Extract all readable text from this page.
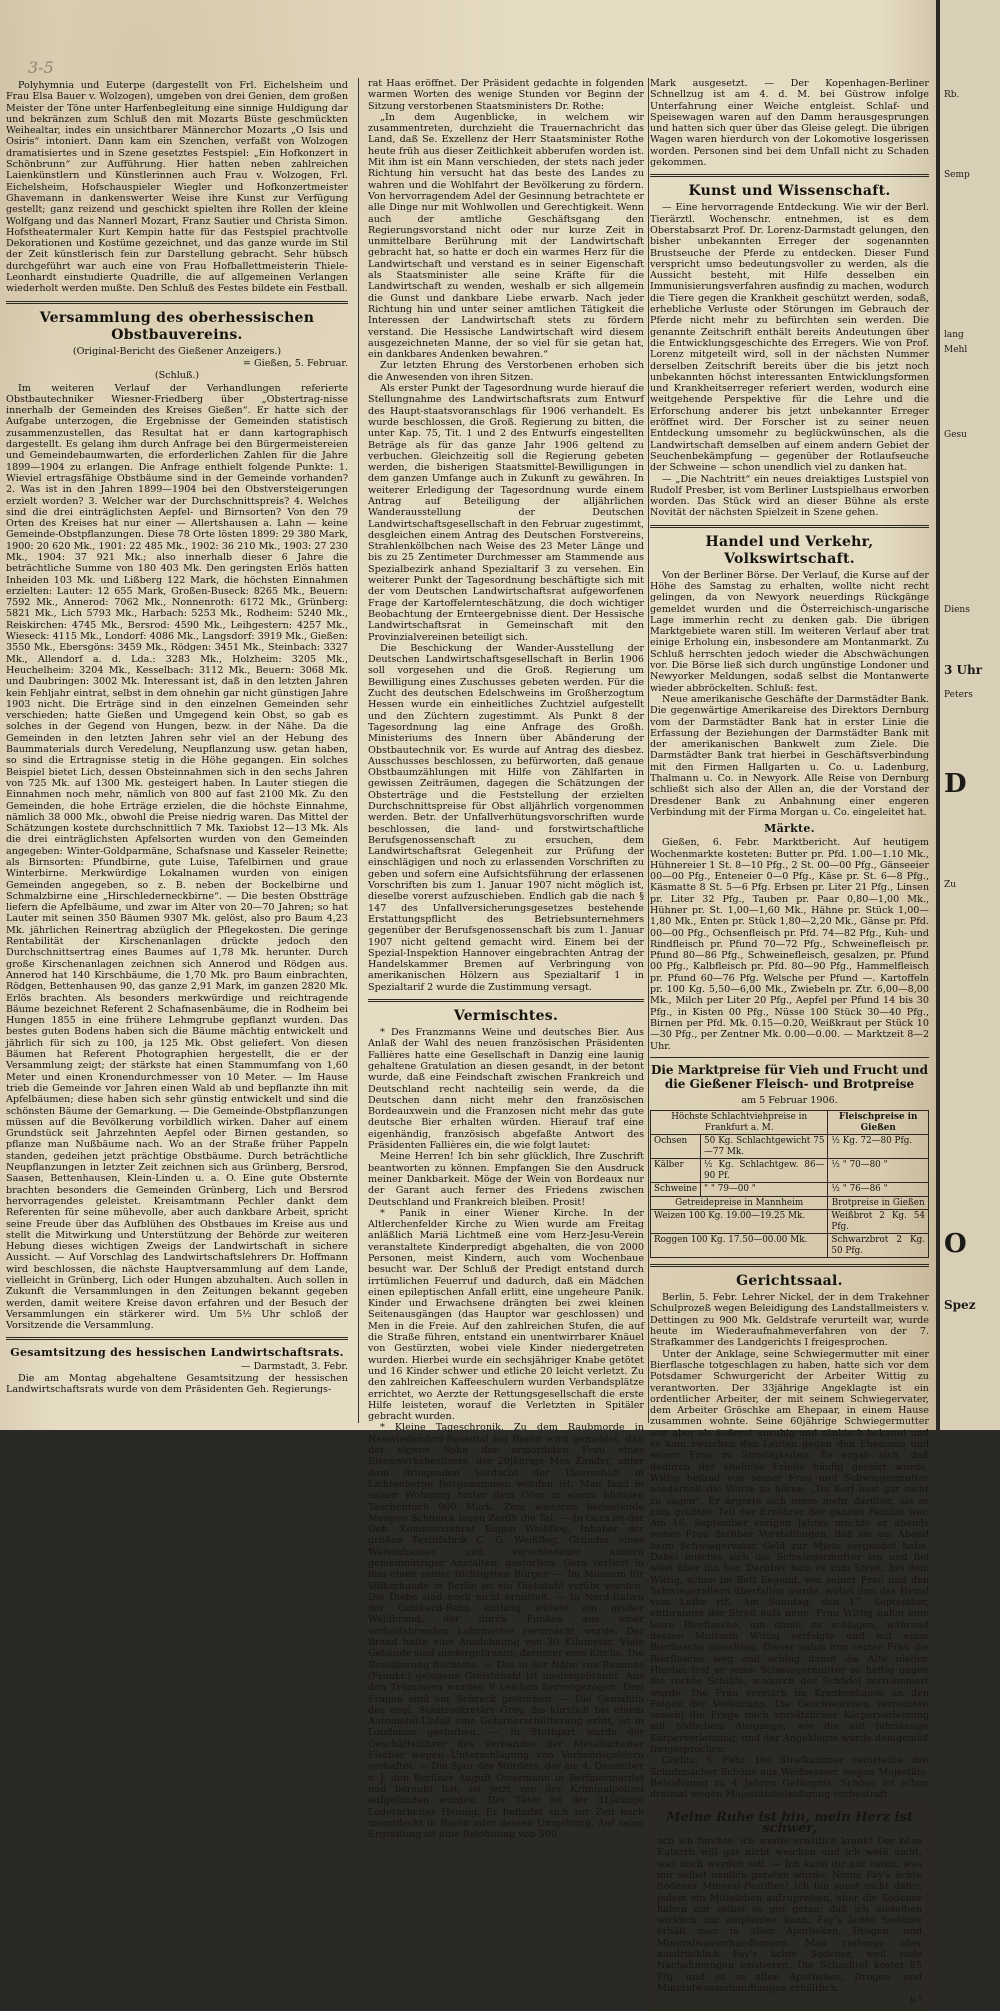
3-5

Polyhymnia und Euterpe (dargestellt von Frl. Eichelsheim und Frau Elsa Bauer v. Wolzogen), umgeben von drei Genien, dem großen Meister der Töne unter Harfenbegleitung eine sinnige Huldigung dar und bekränzen zum Schluß den mit Mozarts Büste geschmückten Weihealtar, indes ein unsichtbarer Männerchor Mozarts „O Isis und Osiris“ intoniert. Dann kam ein Szenchen, verfaßt von Wolzogen dramatisiertes und in Szene gesetztes Festspiel: „Ein Hofkonzert in Schönbrunn“ zur Aufführung. Hier hatten neben zahlreichen Laienkünstlern und Künstlerinnen auch Frau v. Wolzogen, Frl. Eichelsheim, Hofschauspieler Wiegler und Hofkonzertmeister Ghavemann in dankenswerter Weise ihre Kunst zur Verfügung gestellt; ganz reizend und geschickt spielten ihre Rollen der kleine Wolfgang und das Nannerl Mozart, Franz Sautier und Christa Simon. Hofstheatermaler Kurt Kempin hatte für das Festspiel prachtvolle Dekorationen und Kostüme gezeichnet, und das ganze wurde im Stil der Zeit künstlerisch fein zur Darstellung gebracht. Sehr hübsch durchgeführt war auch eine von Frau Hofballettmeisterin Thiele-Leonhardt einstudierte Quadrille, die auf allgemeinen Verlangen wiederholt werden mußte. Den Schluß des Festes bildete ein Festball.

Versammlung des oberhessischen Obstbauvereins.
(Original-Bericht des Gießener Anzeigers.)
= Gießen, 5. Februar.
(Schluß.)

Im weiteren Verlauf der Verhandlungen referierte Obstbautechniker Wiesner-Friedberg über „Obstertrag-nisse innerhalb der Gemeinden des Kreises Gießen“. Er hatte sich der Aufgabe unterzogen, die Ergebnisse der Gemeinden statistisch zusammenzustellen, das Resultat hat er dann kartographisch dargestellt. Es gelang ihm durch Anfrage bei den Bürgermeistereien und Gemeindebaumwarten, die erforderlichen Zahlen für die Jahre 1899—1904 zu erlangen. Die Anfrage enthielt folgende Punkte: 1. Wieviel ertragsfähige Obstbäume sind in der Gemeinde vorhanden? 2. Was ist in den Jahren 1899—1904 bei den Obstversteigerungen erzielt worden? 3. Welcher war der Durchschnittspreis? 4. Welches sind die drei einträglichsten Aepfel- und Birnsorten? Von den 79 Orten des Kreises hat nur einer — Allertshausen a. Lahn — keine Gemeinde-Obstpflanzungen. Diese 78 Orte lösten 1899: 29 380 Mark, 1900: 20 620 Mk., 1901: 22 485 Mk., 1902: 36 210 Mk., 1903: 27 230 Mk., 1904: 37 921 Mk.; also innerhalb dieser 6 Jahre die beträchtliche Summe von 180 403 Mk. Den geringsten Erlös hatten Inheiden 103 Mk. und Lißberg 122 Mark, die höchsten Einnahmen erzielten: Lauter: 12 655 Mark, Großen-Buseck: 8265 Mk., Beuern: 7592 Mk., Annerod: 7062 Mk., Nonnenroth: 6172 Mk., Grünberg: 5821 Mk., Lich 5793 Mk., Harbach: 5253 Mk., Rodheim: 5240 Mk., Reiskirchen: 4745 Mk., Bersrod: 4590 Mk., Leihgestern: 4257 Mk., Wieseck: 4115 Mk., Londorf: 4086 Mk., Langsdorf: 3919 Mk., Gießen: 3550 Mk., Ebersgöns: 3459 Mk., Rödgen: 3451 Mk., Steinbach: 3327 Mk., Allendorf a. d. Lda.: 3283 Mk., Holzheim: 3205 Mk., Heuchelheim: 3204 Mk., Kesselbach: 3112 Mk., Beuern: 3068 Mk. und Daubringen: 3002 Mk. Interessant ist, daß in den letzten Jahren kein Fehljahr eintrat, selbst in dem ohnehin gar nicht günstigen Jahre 1903 nicht. Die Erträge sind in den einzelnen Gemeinden sehr verschieden; hatte Gießen und Umgegend kein Obst, so gab es solches in der Gegend von Hungen, bezw. in der Nähe. Da die Gemeinden in den letzten Jahren sehr viel an der Hebung des Baummaterials durch Veredelung, Neupflanzung usw. getan haben, so sind die Ertragnisse stetig in die Höhe gegangen. Ein solches Beispiel bietet Lich, dessen Obsteinnahmen sich in den sechs Jahren von 725 Mk. auf 1300 Mk. gesteigert haben. In Lauter stiegen die Einnahmen noch mehr, nämlich von 800 auf fast 2100 Mk. Zu den Gemeinden, die hohe Erträge erzielen, die die höchste Einnahme, nämlich 38 000 Mk., obwohl die Preise niedrig waren. Das Mittel der Schätzungen kostete durchschnittlich 7 Mk. Taxiobst 12—13 Mk. Als die drei einträglichsten Apfelsorten wurden von den Gemeinden angegeben: Winter-Goldparmäne, Schafsnase und Kasseler Reinette; als Birnsorten: Pfundbirne, gute Luise, Tafelbirnen und graue Winterbirne. Merkwürdige Lokalnamen wurden von einigen Gemeinden angegeben, so z. B. neben der Bockelbirne und Schmalzbirne eine „Hirschlederneckbirne“. — Die besten Obstträge liefern die Apfelbäume, und zwar im Alter von 20—70 Jahren; so hat Lauter mit seinen 350 Bäumen 9307 Mk. gelöst, also pro Baum 4,23 Mk. jährlichen Reinertrag abzüglich der Pflegekosten. Die geringe Rentabilität der Kirschenanlagen drückte jedoch den Durchschnittsertrag eines Baumes auf 1,78 Mk. herunter. Durch große Kirschenanlagen zeichnen sich Annerod und Rödgen aus. Annerod hat 140 Kirschbäume, die 1,70 Mk. pro Baum einbrachten, Rödgen, Bettenhausen 90, das ganze 2,91 Mark, im ganzen 2820 Mk. Erlös brachten. Als besonders merkwürdige und reichtragende Bäume bezeichnet Referent 2 Schafnasenbäume, die in Rodheim bei Hungen 1855 in eine frühere Lehmgrube gepflanzt wurden. Das bestes guten Bodens haben sich die Bäume mächtig entwickelt und jährlich für sich zu 100, ja 125 Mk. Obst geliefert. Von diesen Bäumen hat Referent Photographien hergestellt, die er der Versammlung zeigt; der stärkste hat einen Stammumfang von 1,60 Meter und einen Kronendurchmesser von 10 Meter. — Im Hause trieb die Gemeinde vor Jahren einen Wald ab und bepflanzte ihn mit Apfelbäumen; diese haben sich sehr günstig entwickelt und sind die schönsten Bäume der Gemarkung. — Die Gemeinde-Obstpflanzungen müssen auf die Bevölkerung vorbildlich wirken. Daher auf einem Grundstück seit Jahrzehnten Aepfel oder Birnen gestanden, so pflanze man Nußbäume nach. Wo an der Straße früher Pappeln standen, gedeihen jetzt prächtige Obstbäume. Durch beträchtliche Neupflanzungen in letzter Zeit zeichnen sich aus Grünberg, Bersrod, Saasen, Bettenhausen, Klein-Linden u. a. O. Eine gute Obsternte brachten besonders die Gemeinden Grünberg, Lich und Bersrod hervorragendes geleistet. Kreisamtmann Pechler dankt dem Referenten für seine mühevolle, aber auch dankbare Arbeit, spricht seine Freude über das Aufblühen des Obstbaues im Kreise aus und stellt die Mitwirkung und Unterstützung der Behörde zur weiteren Hebung dieses wichtigen Zweigs der Landwirtschaft in sichere Aussicht. — Auf Vorschlag des Landwirtschaftslehrers Dr. Hoffmann wird beschlossen, die nächste Hauptversammlung auf dem Lande, vielleicht in Grünberg, Lich oder Hungen abzuhalten. Auch sollen in Zukunft die Versammlungen in den Zeitungen bekannt gegeben werden, damit weitere Kreise davon erfahren und der Besuch der Versammlungen ein stärkerer wird. Um 5½ Uhr schloß der Vorsitzende die Versammlung.

Gesamtsitzung des hessischen Landwirtschaftsrats.
— Darmstadt, 3. Febr.

Die am Montag abgehaltene Gesamtsitzung der hessischen Landwirtschaftsrats wurde von dem Präsidenten Geh. Regierungs-

rat Haas eröffnet. Der Präsident gedachte in folgenden warmen Worten des wenige Stunden vor Beginn der Sitzung verstorbenen Staatsministers Dr. Rothe:

„In dem Augenblicke, in welchem wir zusammentreten, durchzieht die Trauernachricht das Land, daß Se. Exzellenz der Herr Staatsminister Rothe heute früh aus dieser Zeitlichkeit abberufen worden ist. Mit ihm ist ein Mann verschieden, der stets nach jeder Richtung hin versucht hat das beste des Landes zu wahren und die Wohlfahrt der Bevölkerung zu fördern. Von hervorragendem Adel der Gesinnung betrachtete er alle Dinge nur mit Wohlwollen und Gerechtigkeit. Wenn auch der amtliche Geschäftsgang den Regierungsvorstand nicht oder nur kurze Zeit in unmittelbare Berührung mit der Landwirtschaft gebracht hat, so hatte er doch ein warmes Herz für die Landwirtschaft und verstand es in seiner Eigenschaft als Staatsminister alle seine Kräfte für die Landwirtschaft zu wenden, weshalb er sich allgemein die Gunst und dankbare Liebe erwarb. Nach jeder Richtung hin und unter seiner amtlichen Tätigkeit die Interessen der Landwirtschaft stets zu fördern verstand. Die Hessische Landwirtschaft wird diesem ausgezeichneten Manne, der so viel für sie getan hat, ein dankbares Andenken bewahren.“

Zur letzten Ehrung des Verstorbenen erhoben sich die Anwesenden von ihren Sitzen.

Als erster Punkt der Tagesordnung wurde hierauf die Stellungnahme des Landwirtschaftsrats zum Entwurf des Haupt-staatsvoranschlags für 1906 verhandelt. Es wurde beschlossen, die Groß. Regierung zu bitten, die unter Kap. 75, Tit. 1 und 2 des Entwurfs eingestellten Beträge als für das ganze Jahr 1906 geltend zu verbuchen. Gleichzeitig soll die Regierung gebeten werden, die bisherigen Staatsmittel-Bewilligungen in dem ganzen Umfange auch in Zukunft zu gewähren. In weiterer Erledigung der Tagesordnung wurde einem Antrag auf Beteiligung der alljährlichen Wanderausstellung der Deutschen Landwirtschaftsgesellschaft in den Februar zugestimmt, desgleichen einem Antrag des Deutschen Forstvereins, Strahlenkölbchen nach Weise des 23 Meter Länge und bis zu 25 Zentimeter Durchmesser am Stammende aus Spezialbezirk anhand Spezialtarif 3 zu versehen. Ein weiterer Punkt der Tagesordnung beschäftigte sich mit der vom Deutschen Landwirtschaftsrat aufgeworfenen Frage der Kartoffelernteschätzung, die doch wichtiger Beobachtung der Ernteergebnisse dient. Der Hessische Landwirtschaftsrat in Gemeinschaft mit den Provinzialvereinen beteiligt sich.

Die Beschickung der Wander-Ausstellung der Deutschen Landwirtschaftsgesellschaft in Berlin 1906 soll vorgesehen und die Groß. Regierung um Bewilligung eines Zuschusses gebeten werden. Für die Zucht des deutschen Edelschweins im Großherzogtum Hessen wurde ein einheitliches Zuchtziel aufgestellt und den Züchtern zugestimmt. Als Punkt 8 der Tagesordnung lag eine Anfrage des Großh. Ministeriums des Innern über Abänderung der Obstbautechnik vor. Es wurde auf Antrag des diesbez. Ausschusses beschlossen, zu befürworten, daß genaue Obstbaumzählungen mit Hilfe von Zählfarten in gewissen Zeiträumen, dagegen die Schätzungen der Obsterträge und die Feststellung der erzielten Durchschnittspreise für Obst alljährlich vorgenommen werden. Betr. der Unfallverhütungsvorschriften wurde beschlossen, die land- und forstwirtschaftliche Berufsgenossenschaft zu ersuchen, dem Landwirtschaftsrat Gelegenheit zur Prüfung der einschlägigen und noch zu erlassenden Vorschriften zu geben und sofern eine Aufsichtsführung der erlassenen Vorschriften bis zum 1. Januar 1907 nicht möglich ist, dieselbe vorerst aufzuschieben. Endlich gab die nach § 147 des Unfallversicherungsgesetzes bestehende Erstattungspflicht des Betriebsunternehmers gegenüber der Berufsgenossenschaft bis zum 1. Januar 1907 nicht geltend gemacht wird. Einem bei der Spezial-Inspektion Hannover eingebrachten Antrag der Handelskammer Bremen auf Verbringung von amerikanischen Hölzern aus Spezialtarif 1 in Spezialtarif 2 wurde die Zustimmung versagt.

Vermischtes.

* Des Franzmanns Weine und deutsches Bier. Aus Anlaß der Wahl des neuen französischen Präsidenten Fallières hatte eine Gesellschaft in Danzig eine launig gehaltene Gratulation an diesen gesandt, in der betont wurde, daß eine Feindschaft zwischen Frankreich und Deutschland recht nachteilig sein werde, da die Deutschen dann nicht mehr den französischen Bordeauxwein und die Franzosen nicht mehr das gute deutsche Bier erhalten würden. Hierauf traf eine eigenhändig, französisch abgefaßte Antwort des Präsidenten Fallières ein, die wie folgt lautet:

Meine Herren! Ich bin sehr glücklich, Ihre Zuschrift beantworten zu können. Empfangen Sie den Ausdruck meiner Dankbarkeit. Möge der Wein von Bordeaux nur der Garant auch ferner des Friedens zwischen Deutschland und Frankreich bleiben. Prosit!

* Panik in einer Wiener Kirche. In der Altlerchenfelder Kirche zu Wien wurde am Freitag anläßlich Mariä Lichtmeß eine vom Herz-Jesu-Verein veranstaltete Kinderpredigt abgehalten, die von 2000 Personen, meist Kindern, auch vom Wochenbaue besucht war. Der Schluß der Predigt entstand durch irrtümlichen Feuerruf und dadurch, daß ein Mädchen einen epileptischen Anfall erlitt, eine ungeheure Panik. Kinder und Erwachsene drängten bei zwei kleinen Seitenausgängen (das Hauptor war geschlossen) und Men in die Freie. Auf den zahlreichen Stufen, die auf die Straße führen, entstand ein unentwirrbarer Knäuel von Gestürzten, wobei viele Kinder niedergetreten wurden. Hierbei wurde ein sechsjähriger Knabe getötet und 16 Kinder schwer und etliche 20 leicht verletzt. Zu den zahlreichen Kaffeeschulern wurden Verbandsplätze errichtet, wo Aerzte der Rettungsgesellschaft die erste Hilfe leisteten, worauf die Verletzten in Spitäler gebracht wurden.

* Kleine Tageschronik. Zu dem Raubmorde in Neuwiedendorf-Rosental bei Berlin wird gemeldet, daß der eigene Sohn der ermordeten Frau eines Eisenwerksbesitzers, der 20jährige Max Zander, unter dem dringenden Verdacht der Täterschaft in Lichtenberge festgenommen worden ist. Man fand in seiner Wohnung hinter dem Ofen in einem blutigen Taschentuch 900 Mark. Zum weiteren bedeutende Mengen Schmuck lagen Zerdh die Tat. — In Gera ist der Geh. Kommerzienrat Eugen Weißflog, Inhaber der großen Textilfabrik C. G. Weißflog, Gründer eines Waisenhauses und verschiedener andern gemeinnütziger Anstalten, gestorben. Gera verliert in ihm einen seiner tüchtigsten Bürger. — Im Museum für Völkerkunde in Berlin ist ein Diebstahl verübt worden. Die Diebe sind noch nicht ermittelt. — In Nord-Italien der Gotthard-Bahn entlang wütete ein großer Waldbrand, der durch Funken aus einer verbeifahrenden Lokomotive verursacht wurde. Der Brand hatte eine Ausdehnung von 30 Kilometer. Viele Gebäude sind niedergebrannt, darunter eine Kirche. Die Bevölkerung flüchtete. — Das in der Nähe von Remmes (Frankr.) gelegene Greistenahl ist niedergebrannt. Aus den Trümmern wurden 9 Leichen hervorgezogen. Drei Frauen sind vor Schreck gestorben. — Die Gemahlin des engl. Staatssekretärs Grey, die kürzlich bei einem Automobil-Unfall eine Gehirnerschütterung erlitt, ist in Londonon gestorben. — In Stuttgart wurde der Geschäftsführer des Verbandes der Metallarbeiter Fischer wegen Unterschlagung von Verbandsgeldern verhaftet. — Die Spur des Mörders, der am 4. Dezember v. J. den Berliner Auguft Ostermann in Berlinermordet und beraubt hat, ist jetzt von der Kriminalpolizei aufgefunden worden. Der Täter ist der 31jährige Lederarbeiter Hennig. Er befindet sich zur Zeit noch unentdeckt in Berlin oder dessen Umgebung. Auf seine Ergreifung ist eine Belohnung von 500

Mark ausgesetzt. — Der Kopenhagen-Berliner Schnellzug ist am 4. d. M. bei Güstrow infolge Unterfahrung einer Weiche entgleist. Schlaf- und Speisewagen waren auf den Damm herausgesprungen und hatten sich quer über das Gleise gelegt. Die übrigen Wagen waren hierdurch von der Lokomotive losgerissen worden. Personen sind bei dem Unfall nicht zu Schaden gekommen.

Kunst und Wissenschaft.

— Eine hervorragende Entdeckung. Wie wir der Berl. Tierärztl. Wochenschr. entnehmen, ist es dem Oberstabsarzt Prof. Dr. Lorenz-Darmstadt gelungen, den bisher unbekannten Erreger der sogenannten Brustseuche der Pferde zu entdecken. Dieser Fund verspricht umso bedeutungsvoller zu werden, als die Aussicht besteht, mit Hilfe desselben ein Immunisierungsverfahren ausfindig zu machen, wodurch die Tiere gegen die Krankheit geschützt werden, sodaß, erhebliche Verluste oder Störungen im Gebrauch der Pferde nicht mehr zu befürchten sein werden. Die genannte Zeitschrift enthält bereits Andeutungen über die Entwicklungsgeschichte des Erregers. Wie von Prof. Lorenz mitgeteilt wird, soll in der nächsten Nummer derselben Zeitschrift bereits über die bis jetzt noch unbekannten höchst interessanten Entwicklungsformen und Krankheitserreger referiert werden, wodurch eine weitgehende Perspektive für die Lehre und die Erforschung anderer bis jetzt unbekannter Erreger eröffnet wird. Der Forscher ist zu seiner neuen Entdeckung umsomehr zu beglückwünschen, als die Landwirtschaft demselben auf einem andern Gebiet der Seuchenbekämpfung — gegenüber der Rotlaufseuche der Schweine — schon unendlich viel zu danken hat.

— „Die Nachtritt“ ein neues dreiaktiges Lustspiel von Rudolf Presber, ist vom Berliner Lustspielhaus erworben worden. Das Stück wird an dieser Bühne als erste Novität der nächsten Spielzeit in Szene gehen.

Handel und Verkehr, Volkswirtschaft.

Von der Berliner Börse. Der Verlauf, die Kurse auf der Höhe des Samstag zu erhalten, wollte nicht recht gelingen, da von Newyork neuerdings Rückgänge gemeldet wurden und die Österreichisch-ungarische Lage immerhin recht zu denken gab. Die übrigen Marktgebiete waren still. Im weiteren Verlauf aber trat einige Erholung ein, insbesondere am Montanmarkt. Zu Schluß herrschten jedoch wieder die Abschwächungen vor. Die Börse ließ sich durch ungünstige Londoner und Newyorker Meldungen, sodaß selbst die Montanwerte wieder abbröckelten. Schluß: fest.

Neue amerikanische Geschäfte der Darmstädter Bank. Die gegenwärtige Amerikareise des Direktors Dernburg vom der Darmstädter Bank hat in erster Linie die Erfassung der Beziehungen der Darmstädter Bank mit der amerikanischen Bankwelt zum Ziele. Die Darmstädter Bank trat hierbei in Geschäftsverbindung mit den Firmen Hallgarten u. Co. u. Ladenburg, Thalmann u. Co. in Newyork. Alle Reise von Dernburg schließt sich also der Allen an, die der Vorstand der Dresdener Bank zu Anbahnung einer engeren Verbindung mit der Firma Morgan u. Co. eingeleitet hat.

Märkte.

Gießen, 6. Febr. Marktbericht. Auf heutigem Wochenmarkte kosteten: Butter pr. Pfd. 1.00—1.10 Mk., Hühnereier 1 St. 8—10 Pfg., 2 St. 00—00 Pfg., Gänseeier 00—00 Pfg., Enteneier 0—0 Pfg., Käse pr. St. 6—8 Pfg., Käsmatte 8 St. 5—6 Pfg. Erbsen pr. Liter 21 Pfg., Linsen pr. Liter 32 Pfg., Tauben pr. Paar 0,80—1,00 Mk., Hühner pr. St. 1,00—1,60 Mk., Hähne pr. Stück 1,00—1,80 Mk., Enten pr. Stück 1,80—2,20 Mk., Gänse pr. Pfd. 00—00 Pfg., Ochsenfleisch pr. Pfd. 74—82 Pfg., Kuh- und Rindfleisch pr. Pfund 70—72 Pfg., Schweinefleisch pr. Pfund 80—86 Pfg., Schweinefleisch, gesalzen, pr. Pfund 00 Pfg., Kalbfleisch pr. Pfd. 80—90 Pfg., Hammelfleisch pr. Pfund 60—76 Pfg. Welsche per Pfund —. Kartoffeln pr. 100 Kg. 5,50—6,00 Mk., Zwiebeln pr. Ztr. 6,00—8,00 Mk., Milch per Liter 20 Pfg., Aepfel per Pfund 14 bis 30 Pfg., in Kisten 00 Pfg., Nüsse 100 Stück 30—40 Pfg., Birnen per Pfd. Mk. 0.15—0.20, Weißkraut per Stück 10—30 Pfg., per Zentner Mk. 0.00—0.00. — Marktzeit 8—2 Uhr.

Die Marktpreise für Vieh und Frucht und die Gießener Fleisch- und Brotpreise
am 5 Februar 1906.
Höchste Schlachtviehpreise in Frankfurt a. M.		Fleischpreise in Gießen
Ochsen	50 Kg. Schlachtgewicht 75—77 Mk.	½ Kg. 72—80 Pfg.
Kälber	½ Kg. Schlachtgew. 86—90 Pf.	½ " 70—80 "
Schweine	" " 79—00 "	½ " 76—86 "
Getreidepreise in Mannheim		Brotpreise in Gießen
Weizen 100 Kg. 19.00—19.25 Mk.		Weißbrot 2 Kg. 54 Pfg.
Roggen 100 Kg. 17.50—00.00 Mk.		Schwarzbrot 2 Kg. 50 Pfg.
Gerichtssaal.

Berlin, 5. Febr. Lehrer Nickel, der in dem Trakehner Schulprozeß wegen Beleidigung des Landstallmeisters v. Dettingen zu 900 Mk. Geldstrafe verurteilt war, wurde heute im Wiederaufnahmeverfahren von der 7. Strafkammer des Landgerichts I freigesprochen.

Unter der Anklage, seine Schwiegermutter mit einer Bierflasche totgeschlagen zu haben, hatte sich vor dem Potsdamer Schwurgericht der Arbeiter Wittig zu verantworten. Der 33jährige Angeklagte ist ein ordentlicher Arbeiter, der mit seinem Schwiegervater, dem Arbeiter Gröschke am Ehepaar, in einem Hause zusammen wohnte. Seine 60jährige Schwiegermutter war aber als äußerst unruhig und zänkisch bekannt und es kam zwischen den Leuten gegen den Ehemann und seiner Frau zu Streitigkeiten. Es ergab sich, daß dadurch der eheliche Friede häufig gestört wurde. Wittig befand von seiner Frau und Schwiegermutter wiederholt die Worte zu hören: „Du Kerl hast gar nicht zu sagen“. Er ärgerte sich umso mehr darüber, als er zum größten Teil der Ernährer der ganzen Familie war. Am 16. September vorigen Jahres machte er abends seiner Frau darüber Vorstellungen, daß sie am Abend beim Schwiegervater Geld zur Miete vergeudet habe. Dabei mischte sich die Schwiegermutter ein und fiel wüst über ihn her. Darüber kam es zum Streit, bei dem Wittig, schon im Bett liegend, von seiner Frau und den Schwiegereltern überfallen wurde, wobei ihm das Hemd vom Leibe riß. Am Sonntag, den 17. September, entbrannte der Streit aufs neue. Frau Wittig nahm eine leere Bierflasche, um damit zu schlagen, während dessen Mutterin Wittig verfolgte und mit einer Bierflasche einschlug. Dieser nahm nun seiner Frau die Bierflasche weg und schlug damit die Alte nieder. Hierbei traf er seine Schwiegermutter so heftig gegen die rechte Schläfe, wodurch der Schädel zertrümmert wurde. Die Frau verstarb im Krankenhause an den Folgen der Verletzung. Die Geschworenen verneinten sowohl die Frage nach vorsätzlicher Körperverletzung mit tödlichem Ausgange, wie die auf fahrlässige Körperverletzung, und der Angeklagte wurde demgemäß freigesprochen.

Görlitz, 5. Febr. Die Strafkammer verurteilte den Schuhmacher Schöne aus Weißwasser wegen Majestäts-Beleidigung zu 4 Jahren Gefängnis. Schöne ist schon dreimal wegen Majestätsbeleidigung vorbestraft.

Meine Ruhe ist hin, mein Herz ist schwer,

ach ich fürchte, ich werde ernstlich krank! Der böse Katarrh will gar nicht weichen und ich weiß nicht, was noch werden soll. — Ich kann dir nur raten, was mir selbst neulich geraten wurde: Nimm Fay's ächte Sodener Mineral-Pastillen! Ich bin sonst nicht dafür, jedem ein Mittelchen aufzupreisen, aber die Sodener haben mir selbst so gut getan, daß ich dieselben wirklich nur empfehlen kann. Fay's ächte Sodener erhält man in allen Apotheken, Drogen- und Mineralwasserhandlungen. Man verlange aber ausdrücklich Fay's ächte Sodener, weil viele Nachahmungen existieren. Die Schachtel kostet 85 Pfg. und ist in allen Apotheken, Drogen- und Mineralwasserhandlungen erhältlich.

b.*
Rb.
Semp
lang
Mehl
Gesu
Diens
3 Uhr
Peters
D
Zu
O
Spez
